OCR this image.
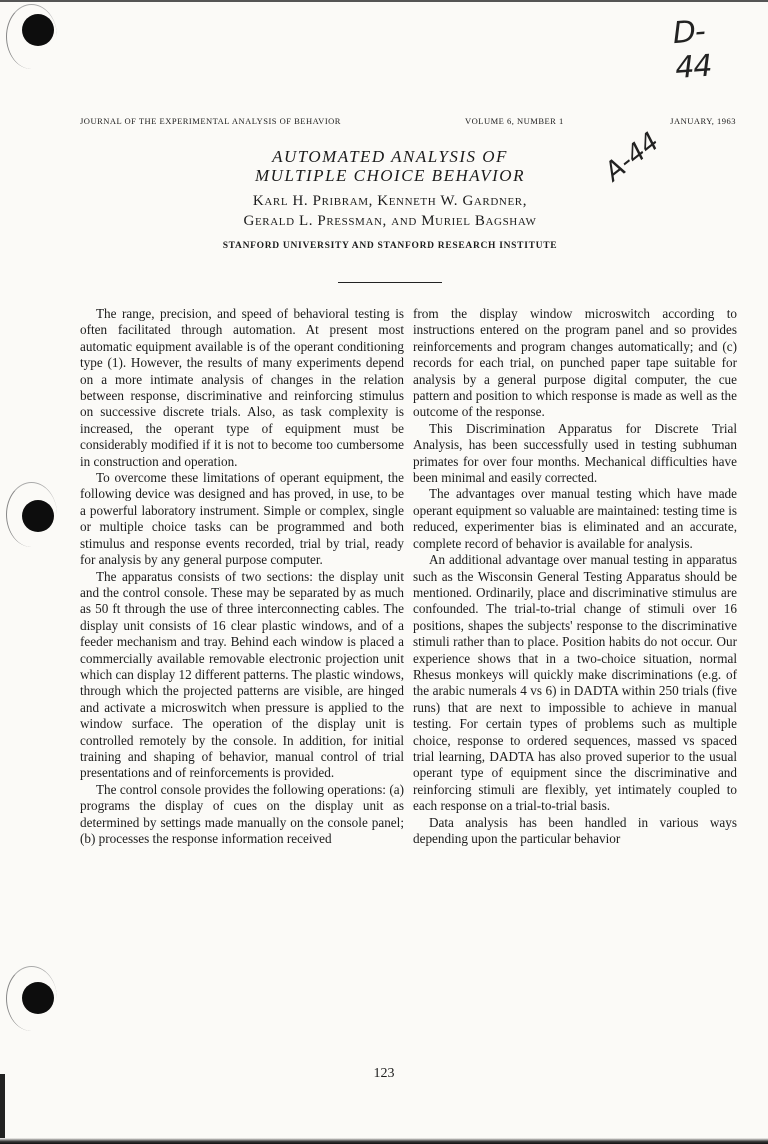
D-44
A-44
JOURNAL OF THE EXPERIMENTAL ANALYSIS OF BEHAVIOR	VOLUME 6, NUMBER 1	JANUARY, 1963
AUTOMATED ANALYSIS OF
MULTIPLE CHOICE BEHAVIOR
Karl H. Pribram, Kenneth W. Gardner,
Gerald L. Pressman, and Muriel Bagshaw
STANFORD UNIVERSITY AND STANFORD RESEARCH INSTITUTE

The range, precision, and speed of behavioral testing is often facilitated through automation. At present most automatic equipment available is of the operant conditioning type (1). However, the results of many experiments depend on a more intimate analysis of changes in the relation between response, discriminative and reinforcing stimulus on successive discrete trials. Also, as task complexity is increased, the operant type of equipment must be considerably modified if it is not to become too cumbersome in construction and operation.

To overcome these limitations of operant equipment, the following device was designed and has proved, in use, to be a powerful laboratory instrument. Simple or complex, single or multiple choice tasks can be programmed and both stimulus and response events recorded, trial by trial, ready for analysis by any general purpose computer.

The apparatus consists of two sections: the display unit and the control console. These may be separated by as much as 50 ft through the use of three interconnecting cables. The display unit consists of 16 clear plastic windows, and of a feeder mechanism and tray. Behind each window is placed a commercially available removable electronic projection unit which can display 12 different patterns. The plastic windows, through which the projected patterns are visible, are hinged and activate a microswitch when pressure is applied to the window surface. The operation of the display unit is controlled remotely by the console. In addition, for initial training and shaping of behavior, manual control of trial presentations and of reinforcements is provided.

The control console provides the following operations: (a) programs the display of cues on the display unit as determined by settings made manually on the console panel; (b) processes the response information received

from the display window microswitch according to instructions entered on the program panel and so provides reinforcements and program changes automatically; and (c) records for each trial, on punched paper tape suitable for analysis by a general purpose digital computer, the cue pattern and position to which response is made as well as the outcome of the response.

This Discrimination Apparatus for Discrete Trial Analysis, has been successfully used in testing subhuman primates for over four months. Mechanical difficulties have been minimal and easily corrected.

The advantages over manual testing which have made operant equipment so valuable are maintained: testing time is reduced, experimenter bias is eliminated and an accurate, complete record of behavior is available for analysis.

An additional advantage over manual testing in apparatus such as the Wisconsin General Testing Apparatus should be mentioned. Ordinarily, place and discriminative stimulus are confounded. The trial-to-trial change of stimuli over 16 positions, shapes the subjects' response to the discriminative stimuli rather than to place. Position habits do not occur. Our experience shows that in a two-choice situation, normal Rhesus monkeys will quickly make discriminations (e.g. of the arabic numerals 4 vs 6) in DADTA within 250 trials (five runs) that are next to impossible to achieve in manual testing. For certain types of problems such as multiple choice, response to ordered sequences, massed vs spaced trial learning, DADTA has also proved superior to the usual operant type of equipment since the discriminative and reinforcing stimuli are flexibly, yet intimately coupled to each response on a trial-to-trial basis.

Data analysis has been handled in various ways depending upon the particular behavior

123
